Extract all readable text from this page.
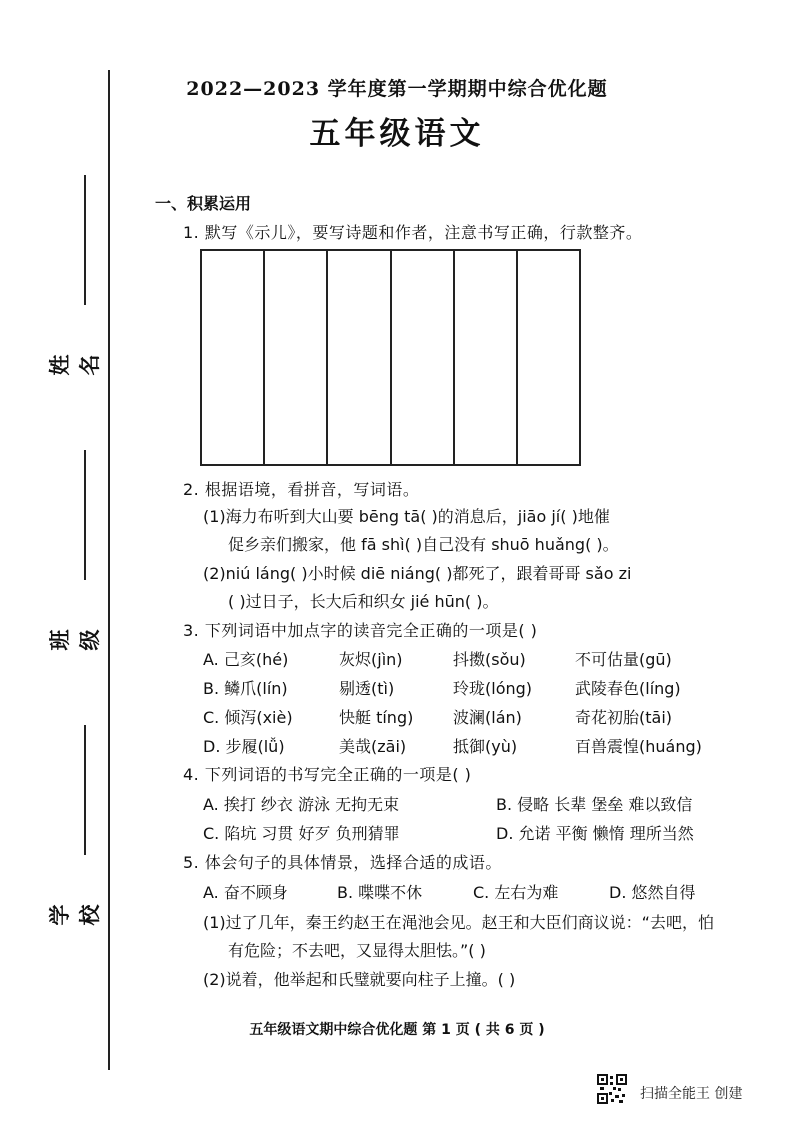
姓名
班级
学校
2022—2023 学年度第一学期期中综合优化题
五年级语文
一、积累运用
1. 默写《示儿》，要写诗题和作者，注意书写正确，行款整齐。
2. 根据语境，看拼音，写词语。
(1)海力布听到大山要 bēng tā( )的消息后，jiāo jí( )地催
促乡亲们搬家，他 fā shì( )自己没有 shuō huǎng( )。
(2)niú láng( )小时候 diē niáng( )都死了，跟着哥哥 sǎo zi
( )过日子，长大后和织女 jié hūn( )。
3. 下列词语中加点字的读音完全正确的一项是( )
A. 己亥(hé)	灰烬(jìn)	抖擞(sǒu)	不可估量(gū)
B. 鳞爪(lín)	剔透(tì)	玲珑(lóng)	武陵春色(líng)
C. 倾泻(xiè)	快艇 tíng) 波澜(lán)	奇花初胎(tāi)
D. 步履(lǚ)	美哉(zāi)	抵御(yù)	百兽震惶(huáng)
4. 下列词语的书写完全正确的一项是( )
A. 挨打 纱衣 游泳 无拘无束	B. 侵略 长辈 堡垒 难以致信
C. 陷坑 习贯 好歹 负刑猜罪	D. 允诺 平衡 懒惰 理所当然
5. 体会句子的具体情景，选择合适的成语。
A. 奋不顾身	B. 喋喋不休	C. 左右为难	D. 悠然自得
(1)过了几年，秦王约赵王在渑池会见。赵王和大臣们商议说：“去吧，怕
有危险；不去吧，又显得太胆怯。”( )
(2)说着，他举起和氏璧就要向柱子上撞。( )
五年级语文期中综合优化题 第 1 页 ( 共 6 页 )
扫描全能王 创建
